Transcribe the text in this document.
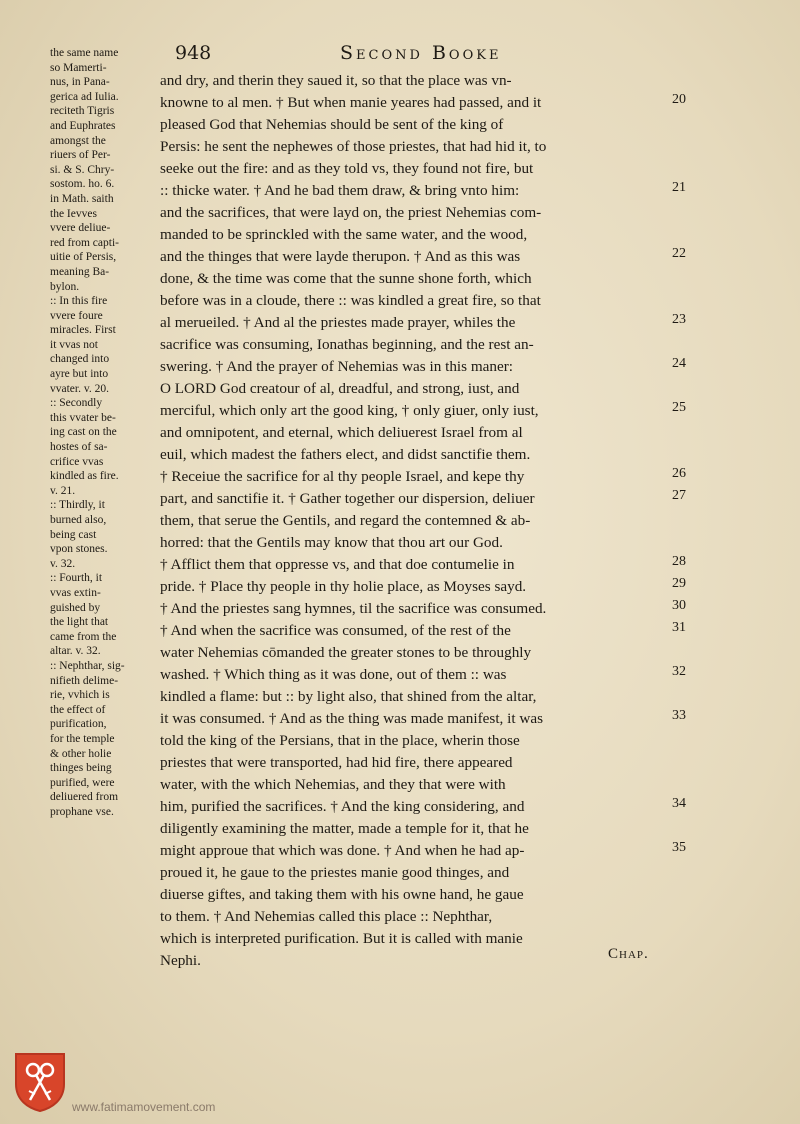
948	Second Booke
the same name
so Mamerti-
nus, in Pana-
gerica ad Iulia.
reciteth Tigris
and Euphrates
amongst the
riuers of Per-
si. & S. Chry-
sostom. ho. 6.
in Math. saith
the Ievves
vvere deliue-
red from capti-
uitie of Persis,
meaning Ba-
bylon.
:: In this fire
vvere foure
miracles. First
it vvas not
changed into
ayre but into
vvater. v. 20.
:: Secondly
this vvater be-
ing cast on the
hostes of sa-
crifice vvas
kindled as fire.
v. 21.
:: Thirdly, it
burned also,
being cast
vpon stones.
v. 32.
:: Fourth, it
vvas extin-
guished by
the light that
came from the
altar. v. 32.
:: Nephthar, sig-
nifieth delime-
rie, vvhich is
the effect of
purification,
for the temple
& other holie
thinges being
purified, were
deliuered from
prophane vse.
and dry, and therin they saued it, so that the place was vn-
knowne to al men. † But when manie yeares had passed, and it
pleased God that Nehemias should be sent of the king of
Persis: he sent the nephewes of those priestes, that had hid it, to
seeke out the fire: and as they told vs, they found not fire, but
:: thicke water. † And he bad them draw, & bring vnto him:
and the sacrifices, that were layd on, the priest Nehemias com-
manded to be sprinckled with the same water, and the wood,
and the thinges that were layde therupon. † And as this was
done, & the time was come that the sunne shone forth, which
before was in a cloude, there :: was kindled a great fire, so that
al merueiled. † And al the priestes made prayer, whiles the
sacrifice was consuming, Ionathas beginning, and the rest an-
swering. † And the prayer of Nehemias was in this maner:
O LORD God creatour of al, dreadful, and strong, iust, and
merciful, which only art the good king, † only giuer, only iust,
and omnipotent, and eternal, which deliuerest Israel from al
euil, which madest the fathers elect, and didst sanctifie them.
† Receiue the sacrifice for al thy people Israel, and kepe thy
part, and sanctifie it. † Gather together our dispersion, deliuer
them, that serue the Gentils, and regard the contemned & ab-
horred: that the Gentils may know that thou art our God.
† Afflict them that oppresse vs, and that doe contumelie in
pride. † Place thy people in thy holie place, as Moyses sayd.
† And the priestes sang hymnes, til the sacrifice was consumed.
† And when the sacrifice was consumed, of the rest of the
water Nehemias cōmanded the greater stones to be throughly
washed. † Which thing as it was done, out of them :: was
kindled a flame: but :: by light also, that shined from the altar,
it was consumed. † And as the thing was made manifest, it was
told the king of the Persians, that in the place, wherin those
priestes that were transported, had hid fire, there appeared
water, with the which Nehemias, and they that were with
him, purified the sacrifices. † And the king considering, and
diligently examining the matter, made a temple for it, that he
might approue that which was done. † And when he had ap-
proued it, he gaue to the priestes manie good thinges, and
diuerse giftes, and taking them with his owne hand, he gaue
to them. † And Nehemias called this place :: Nephthar,
which is interpreted purification. But it is called with manie
Nephi.
20
21
22
23
24
25
26
27
28
29
30
31
32
33
34
35
Chap.
www.fatimamovement.com
